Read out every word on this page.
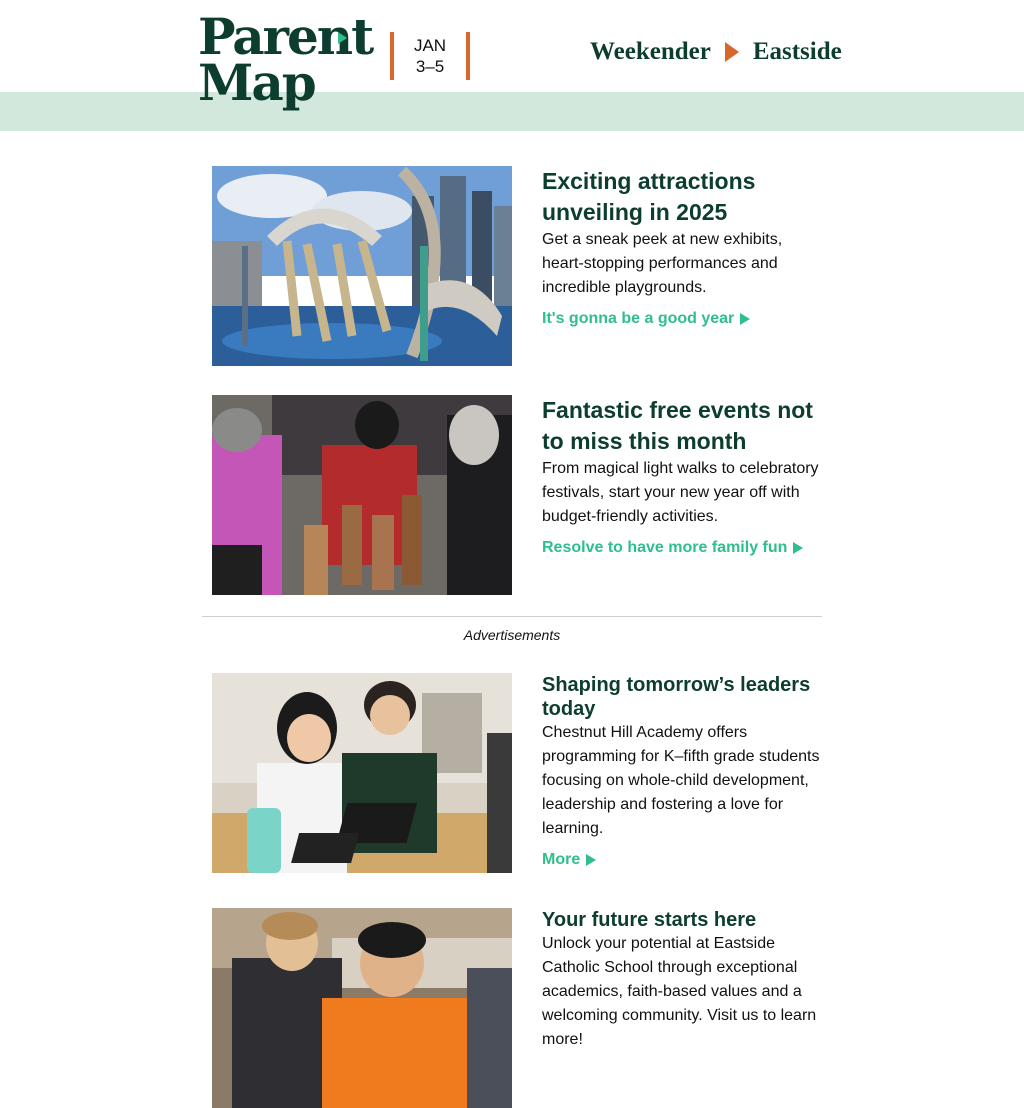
Parent
Map
JAN
3–5
Weekender Eastside
Exciting attractions unveiling in 2025

Get a sneak peek at new exhibits, heart-stopping performances and incredible playgrounds.

It's gonna be a good year
Fantastic free events not to miss this month

From magical light walks to celebratory festivals, start your new year off with budget-friendly activities.

Resolve to have more family fun
Advertisements
Shaping tomorrow’s leaders today

Chestnut Hill Academy offers programming for K–fifth grade students focusing on whole-child development, leadership and fostering a love for learning.

More
Your future starts here

Unlock your potential at Eastside Catholic School through exceptional academics, faith-based values and a welcoming community. Visit us to learn more!
